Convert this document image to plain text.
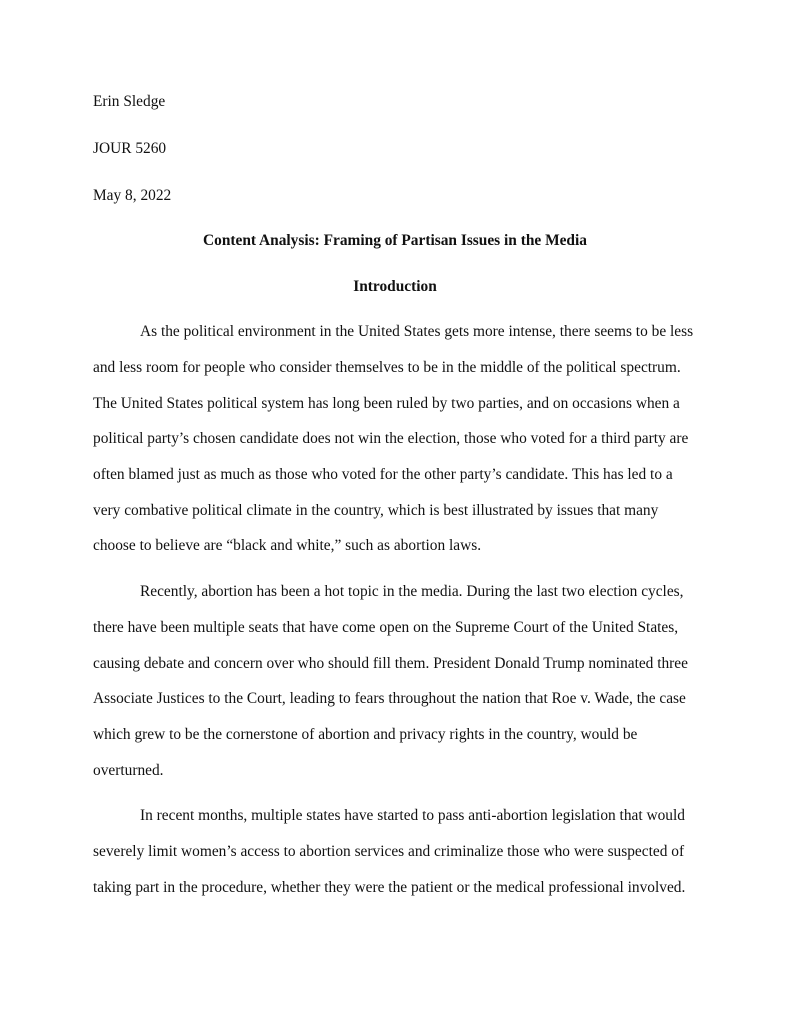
Erin Sledge
JOUR 5260
May 8, 2022
Content Analysis: Framing of Partisan Issues in the Media
Introduction
As the political environment in the United States gets more intense, there seems to be less
and less room for people who consider themselves to be in the middle of the political spectrum.
The United States political system has long been ruled by two parties, and on occasions when a
political party’s chosen candidate does not win the election, those who voted for a third party are
often blamed just as much as those who voted for the other party’s candidate. This has led to a
very combative political climate in the country, which is best illustrated by issues that many
choose to believe are “black and white,” such as abortion laws.
Recently, abortion has been a hot topic in the media. During the last two election cycles,
there have been multiple seats that have come open on the Supreme Court of the United States,
causing debate and concern over who should fill them. President Donald Trump nominated three
Associate Justices to the Court, leading to fears throughout the nation that Roe v. Wade, the case
which grew to be the cornerstone of abortion and privacy rights in the country, would be
overturned.
In recent months, multiple states have started to pass anti-abortion legislation that would
severely limit women’s access to abortion services and criminalize those who were suspected of
taking part in the procedure, whether they were the patient or the medical professional involved.
